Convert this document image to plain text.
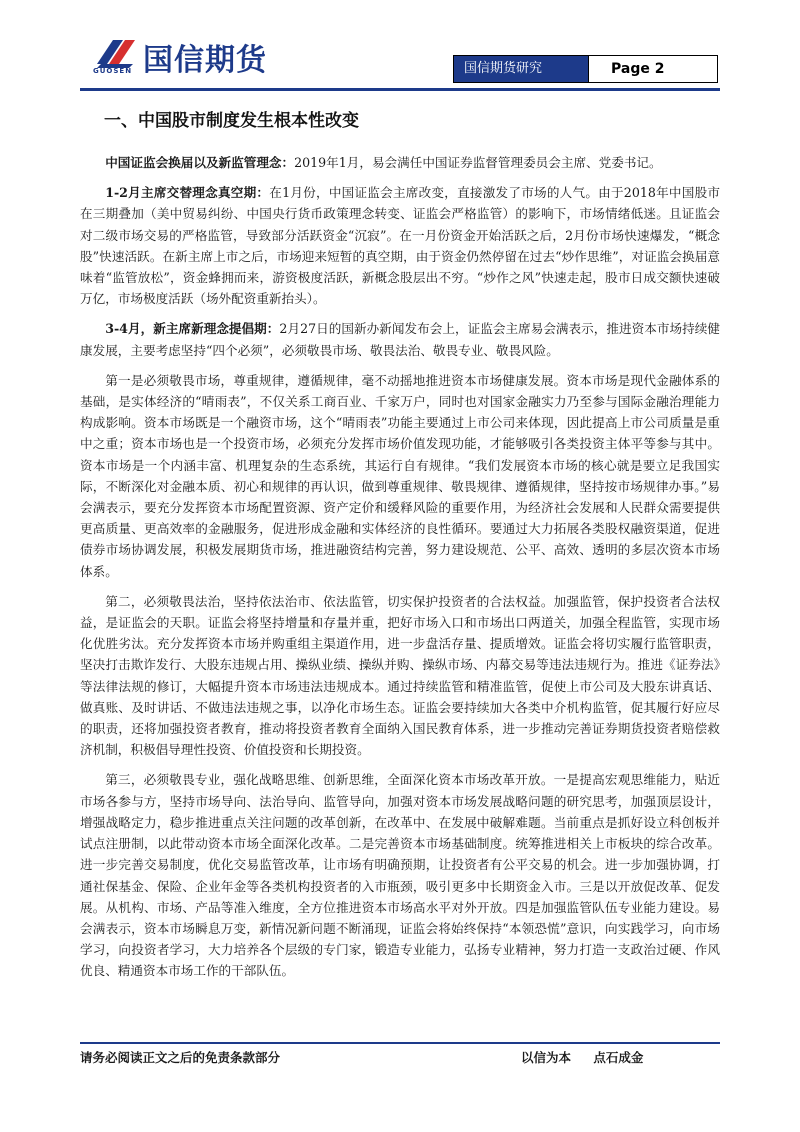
GUOSEN 国信期货	国信期货研究	Page 2
一、中国股市制度发生根本性改变

中国证监会换届以及新监管理念：2019年1月，易会满任中国证券监督管理委员会主席、党委书记。

1-2月主席交替理念真空期：在1月份，中国证监会主席改变，直接激发了市场的人气。由于2018年中国股市在三期叠加（美中贸易纠纷、中国央行货币政策理念转变、证监会严格监管）的影响下，市场情绪低迷。且证监会对二级市场交易的严格监管，导致部分活跃资金“沉寂”。在一月份资金开始活跃之后，2月份市场快速爆发，“概念股”快速活跃。在新主席上市之后，市场迎来短暂的真空期，由于资金仍然停留在过去“炒作思维”，对证监会换届意味着“监管放松”，资金蜂拥而来，游资极度活跃，新概念股层出不穷。“炒作之风”快速走起，股市日成交额快速破万亿，市场极度活跃（场外配资重新抬头）。

3-4月，新主席新理念提倡期：2月27日的国新办新闻发布会上，证监会主席易会满表示，推进资本市场持续健康发展，主要考虑坚持“四个必须”，必须敬畏市场、敬畏法治、敬畏专业、敬畏风险。

第一是必须敬畏市场，尊重规律，遵循规律，毫不动摇地推进资本市场健康发展。资本市场是现代金融体系的基础，是实体经济的“晴雨表”，不仅关系工商百业、千家万户，同时也对国家金融实力乃至参与国际金融治理能力构成影响。资本市场既是一个融资市场，这个“晴雨表”功能主要通过上市公司来体现，因此提高上市公司质量是重中之重；资本市场也是一个投资市场，必须充分发挥市场价值发现功能，才能够吸引各类投资主体平等参与其中。资本市场是一个内涵丰富、机理复杂的生态系统，其运行自有规律。“我们发展资本市场的核心就是要立足我国实际，不断深化对金融本质、初心和规律的再认识，做到尊重规律、敬畏规律、遵循规律，坚持按市场规律办事。”易会满表示，要充分发挥资本市场配置资源、资产定价和缓释风险的重要作用，为经济社会发展和人民群众需要提供更高质量、更高效率的金融服务，促进形成金融和实体经济的良性循环。要通过大力拓展各类股权融资渠道，促进债券市场协调发展，积极发展期货市场，推进融资结构完善，努力建设规范、公平、高效、透明的多层次资本市场体系。

第二，必须敬畏法治，坚持依法治市、依法监管，切实保护投资者的合法权益。加强监管，保护投资者合法权益，是证监会的天职。证监会将坚持增量和存量并重，把好市场入口和市场出口两道关，加强全程监管，实现市场化优胜劣汰。充分发挥资本市场并购重组主渠道作用，进一步盘活存量、提质增效。证监会将切实履行监管职责，坚决打击欺诈发行、大股东违规占用、操纵业绩、操纵并购、操纵市场、内幕交易等违法违规行为。推进《证券法》等法律法规的修订，大幅提升资本市场违法违规成本。通过持续监管和精准监管，促使上市公司及大股东讲真话、做真账、及时讲话、不做违法违规之事，以净化市场生态。证监会要持续加大各类中介机构监管，促其履行好应尽的职责，还将加强投资者教育，推动将投资者教育全面纳入国民教育体系，进一步推动完善证券期货投资者赔偿救济机制，积极倡导理性投资、价值投资和长期投资。

第三，必须敬畏专业，强化战略思维、创新思维，全面深化资本市场改革开放。一是提高宏观思维能力，贴近市场各参与方，坚持市场导向、法治导向、监管导向，加强对资本市场发展战略问题的研究思考，加强顶层设计，增强战略定力，稳步推进重点关注问题的改革创新，在改革中、在发展中破解难题。当前重点是抓好设立科创板并试点注册制，以此带动资本市场全面深化改革。二是完善资本市场基础制度。统筹推进相关上市板块的综合改革。进一步完善交易制度，优化交易监管改革，让市场有明确预期，让投资者有公平交易的机会。进一步加强协调，打通社保基金、保险、企业年金等各类机构投资者的入市瓶颈，吸引更多中长期资金入市。三是以开放促改革、促发展。从机构、市场、产品等准入维度，全方位推进资本市场高水平对外开放。四是加强监管队伍专业能力建设。易会满表示，资本市场瞬息万变，新情况新问题不断涌现，证监会将始终保持“本领恐慌”意识，向实践学习，向市场学习，向投资者学习，大力培养各个层级的专门家，锻造专业能力，弘扬专业精神，努力打造一支政治过硬、作风优良、精通资本市场工作的干部队伍。

请务必阅读正文之后的免责条款部分	以信为本 点石成金
